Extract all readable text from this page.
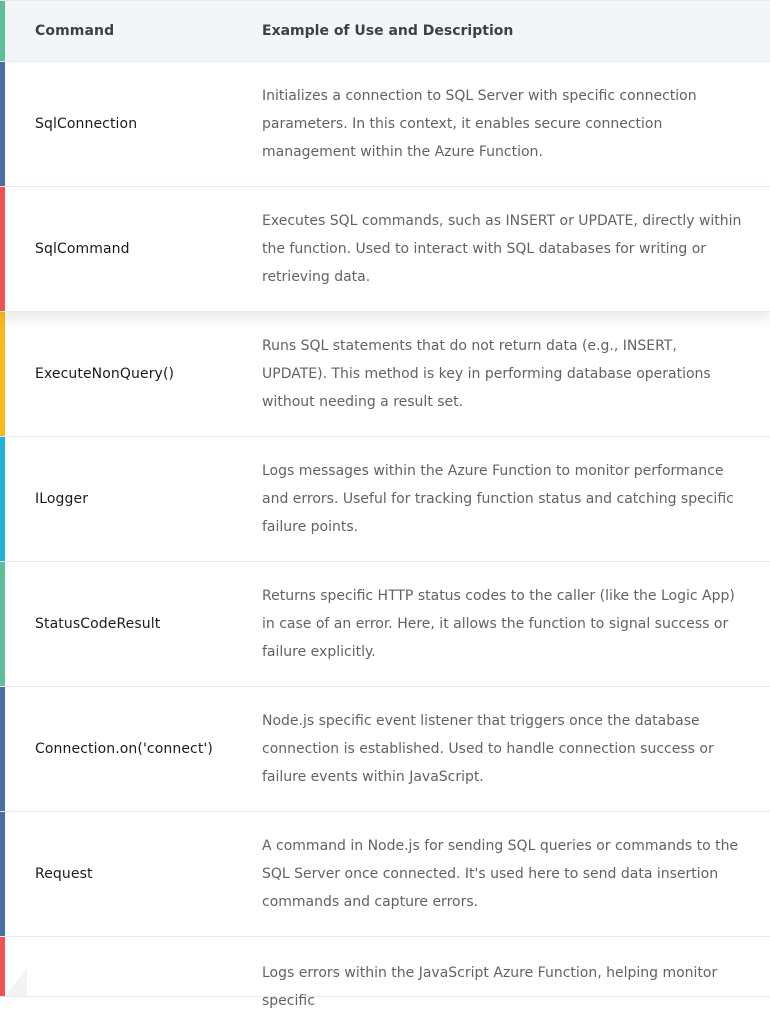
Command	Example of Use and Description
SqlConnection
Initializes a connection to SQL Server with specific connection parameters. In this context, it enables secure connection management within the Azure Function.
SqlCommand
Executes SQL commands, such as INSERT or UPDATE, directly within the function. Used to interact with SQL databases for writing or retrieving data.
ExecuteNonQuery()
Runs SQL statements that do not return data (e.g., INSERT, UPDATE). This method is key in performing database operations without needing a result set.
ILogger
Logs messages within the Azure Function to monitor performance and errors. Useful for tracking function status and catching specific failure points.
StatusCodeResult
Returns specific HTTP status codes to the caller (like the Logic App) in case of an error. Here, it allows the function to signal success or failure explicitly.
Connection.on('connect')
Node.js specific event listener that triggers once the database connection is established. Used to handle connection success or failure events within JavaScript.
Request
A command in Node.js for sending SQL queries or commands to the SQL Server once connected. It's used here to send data insertion commands and capture errors.
Logs errors within the JavaScript Azure Function, helping monitor specific
